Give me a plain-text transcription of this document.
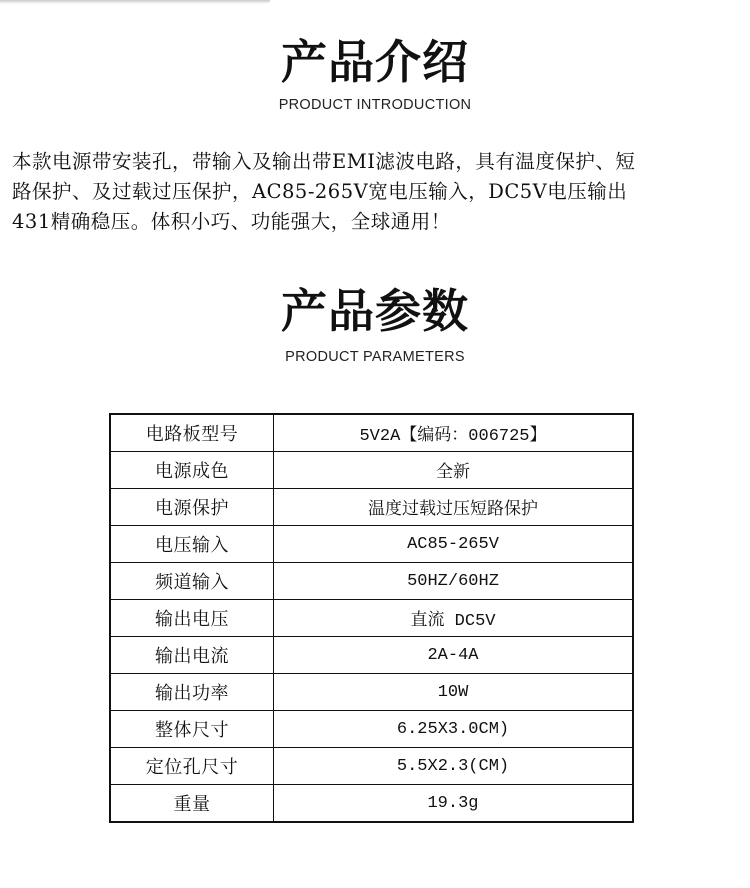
产品介绍
PRODUCT INTRODUCTION
本款电源带安装孔，带输入及输出带EMI滤波电路，具有温度保护、短
路保护、及过载过压保护，AC85-265V宽电压输入，DC5V电压输出
431精确稳压。体积小巧、功能强大，全球通用！
产品参数
PRODUCT PARAMETERS
电路板型号	5V2A【编码：006725】
电源成色	全新
电源保护	温度过载过压短路保护
电压输入	AC85-265V
频道输入	50HZ/60HZ
输出电压	直流 DC5V
输出电流	2A-4A
输出功率	10W
整体尺寸	6.25X3.0CM)
定位孔尺寸	5.5X2.3(CM)
重量	19.3g
